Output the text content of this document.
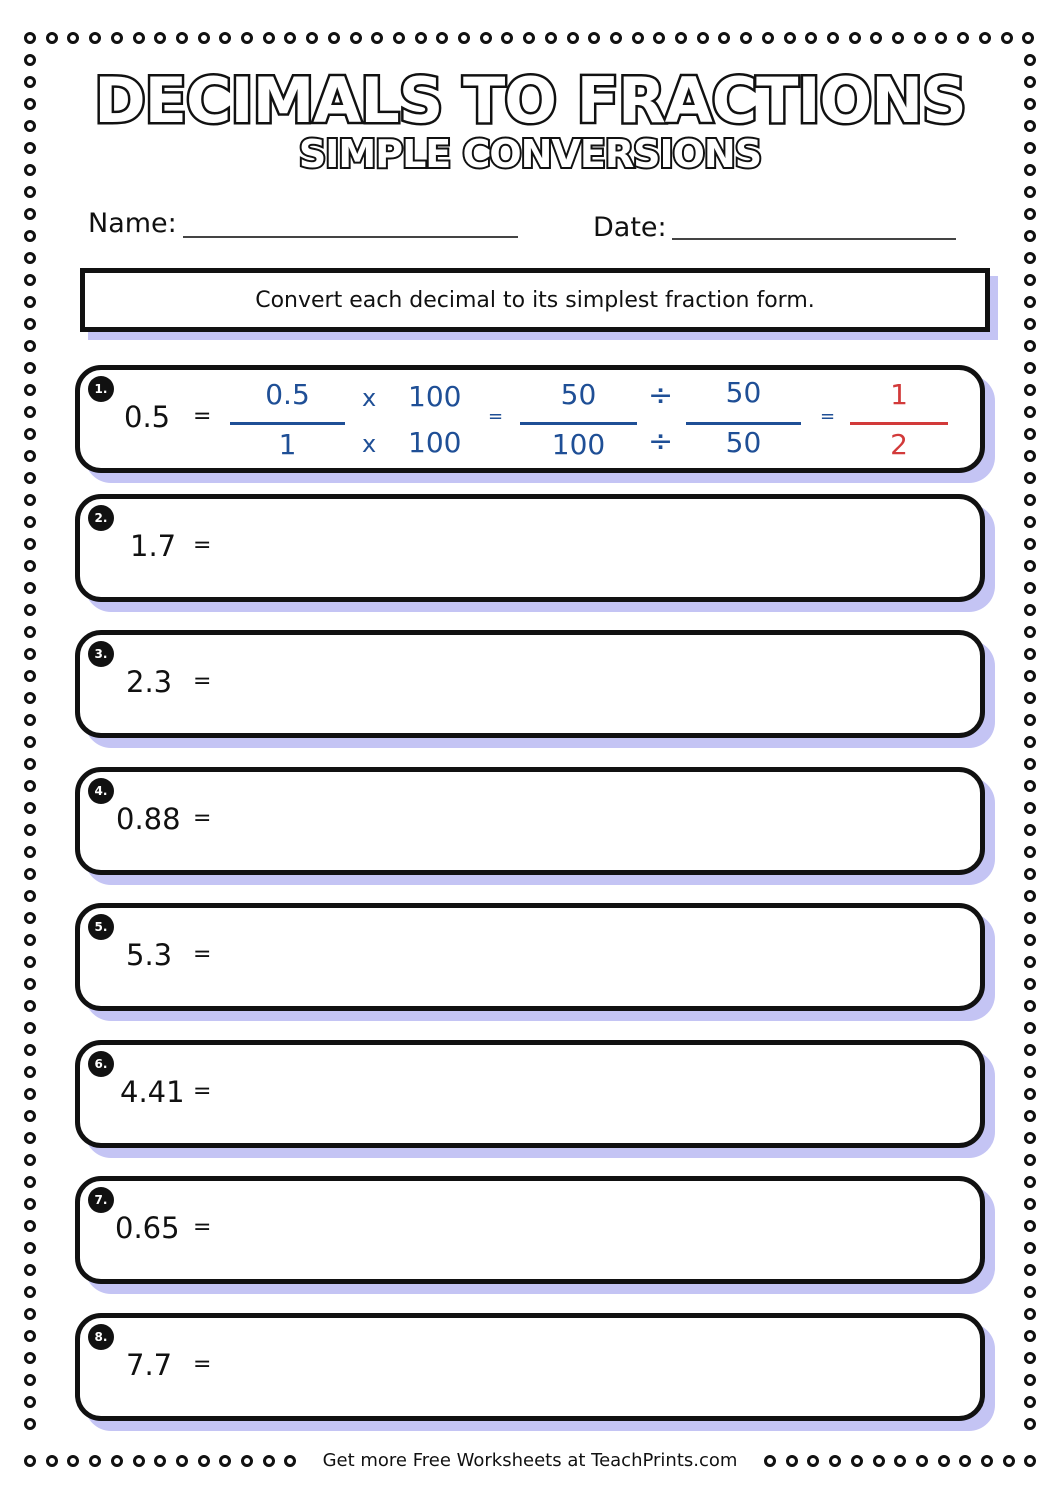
DECIMALS TO FRACTIONS
SIMPLE CONVERSIONS
Name:	Date:
Convert each decimal to its simplest fraction form.
1.
0.5 =
0.5
1
x
x
100
100
=
50
100
÷
÷
50
50
=
1
2
2.
1.7 =
3.
2.3 =
4.
0.88 =
5.
5.3 =
6.
4.41 =
7.
0.65 =
8.
7.7 =
Get more Free Worksheets at TeachPrints.com
